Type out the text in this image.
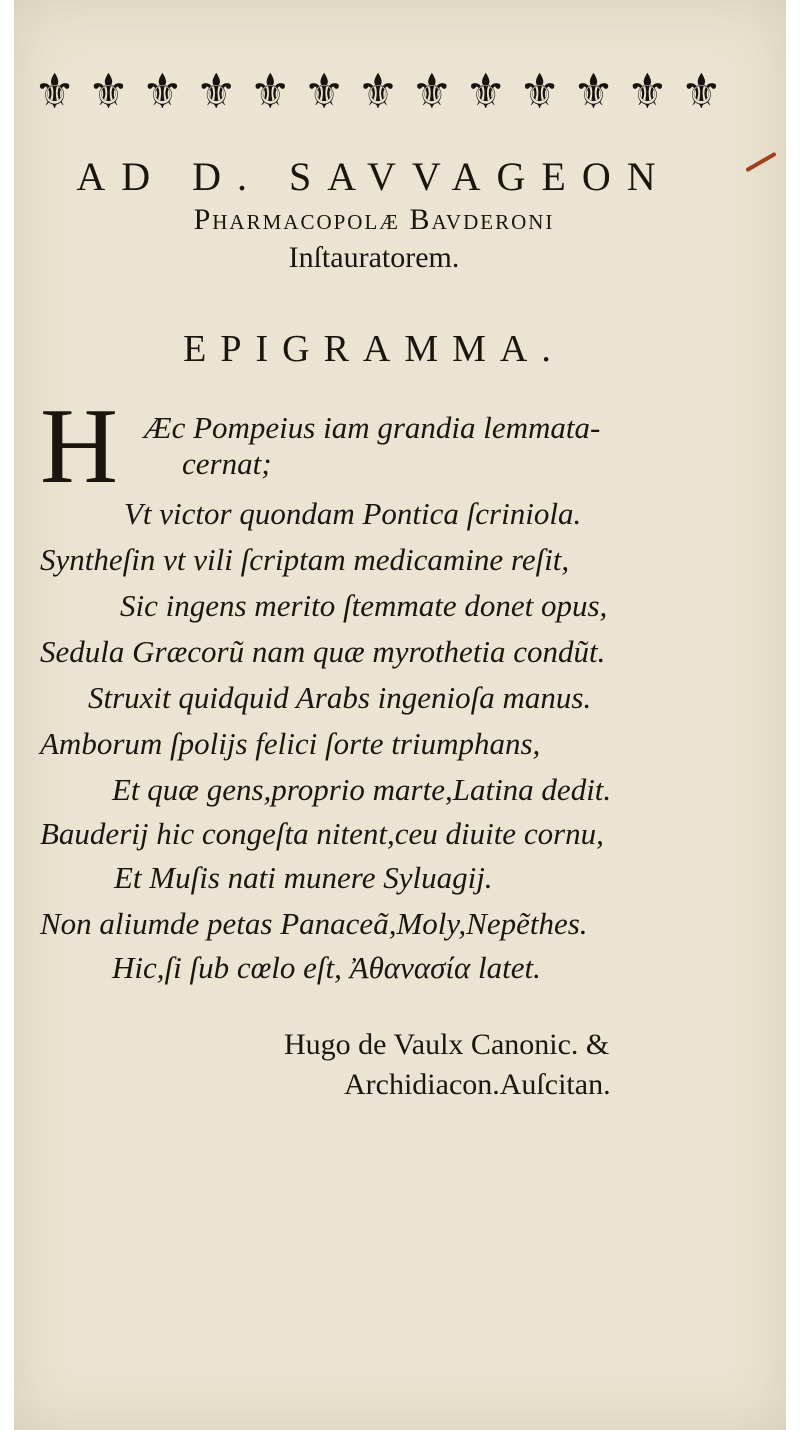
⚜ ⚜ ⚜ ⚜ ⚜ ⚜ ⚜ ⚜ ⚜ ⚜ ⚜ ⚜ ⚜
AD D. SAVVAGEON
Pharmacopolæ Bavderoni
Inſtauratorem.
EPIGRAMMA.
H Æc Pompeius iam grandia lemmata-
cernat;
Vt victor quondam Pontica ſcriniola.
Syntheſin vt vili ſcriptam medicamine reſit,
Sic ingens merito ſtemmate donet opus,
Sedula Græcorũ nam quæ myrothetia condũt.
Struxit quidquid Arabs ingenioſa manus.
Amborum ſpolijs felici ſorte triumphans,
Et quæ gens,proprio marte,Latina dedit.
Bauderij hic congeſta nitent,ceu diuite cornu,
Et Muſis nati munere Syluagij.
Non aliumde petas Panaceã,Moly,Nepẽthes.
Hic,ſi ſub cœlo eſt, Ἀθανασία latet.
Hugo de Vaulx Canonic. &
Archidiacon.Auſcitan.
